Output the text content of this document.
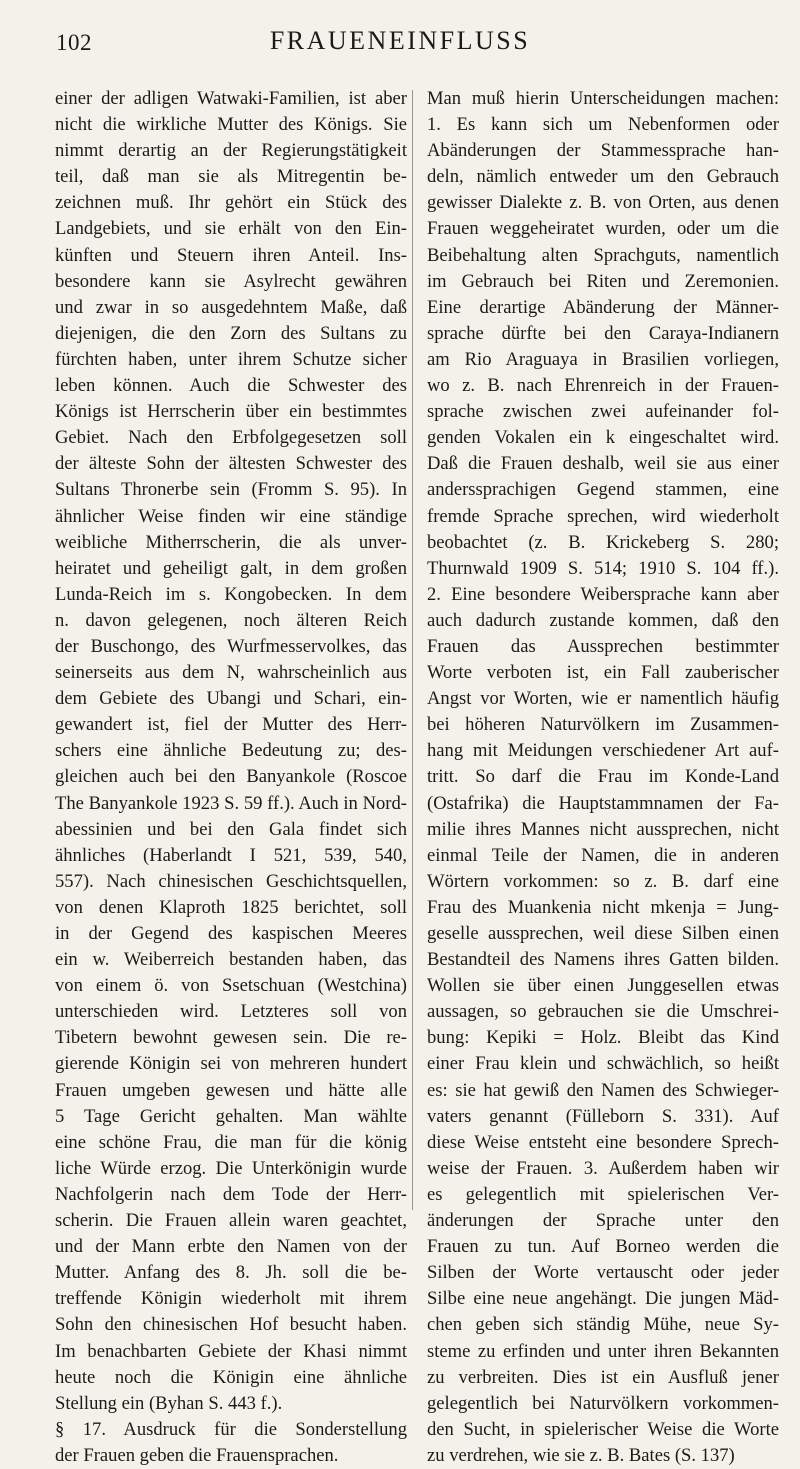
102	FRAUENEINFLUSS
einer der adligen Watwaki-Familien, ist aber
nicht die wirkliche Mutter des Königs. Sie
nimmt derartig an der Regierungstätigkeit
teil, daß man sie als Mitregentin be-
zeichnen muß. Ihr gehört ein Stück des
Landgebiets, und sie erhält von den Ein-
künften und Steuern ihren Anteil. Ins-
besondere kann sie Asylrecht gewähren
und zwar in so ausgedehntem Maße, daß
diejenigen, die den Zorn des Sultans zu
fürchten haben, unter ihrem Schutze sicher
leben können. Auch die Schwester des
Königs ist Herrscherin über ein bestimmtes
Gebiet. Nach den Erbfolgegesetzen soll
der älteste Sohn der ältesten Schwester des
Sultans Thronerbe sein (Fromm S. 95). In
ähnlicher Weise finden wir eine ständige
weibliche Mitherrscherin, die als unver-
heiratet und geheiligt galt, in dem großen
Lunda-Reich im s. Kongobecken. In dem
n. davon gelegenen, noch älteren Reich
der Buschongo, des Wurfmesservolkes, das
seinerseits aus dem N, wahrscheinlich aus
dem Gebiete des Ubangi und Schari, ein-
gewandert ist, fiel der Mutter des Herr-
schers eine ähnliche Bedeutung zu; des-
gleichen auch bei den Banyankole (Roscoe
The Banyankole 1923 S. 59 ff.). Auch in Nord-
abessinien und bei den Gala findet sich
ähnliches (Haberlandt I 521, 539, 540,
557). Nach chinesischen Geschichtsquellen,
von denen Klaproth 1825 berichtet, soll
in der Gegend des kaspischen Meeres
ein w. Weiberreich bestanden haben, das
von einem ö. von Ssetschuan (Westchina)
unterschieden wird. Letzteres soll von
Tibetern bewohnt gewesen sein. Die re-
gierende Königin sei von mehreren hundert
Frauen umgeben gewesen und hätte alle
5 Tage Gericht gehalten. Man wählte
eine schöne Frau, die man für die könig
liche Würde erzog. Die Unterkönigin wurde
Nachfolgerin nach dem Tode der Herr-
scherin. Die Frauen allein waren geachtet,
und der Mann erbte den Namen von der
Mutter. Anfang des 8. Jh. soll die be-
treffende Königin wiederholt mit ihrem
Sohn den chinesischen Hof besucht haben.
Im benachbarten Gebiete der Khasi nimmt
heute noch die Königin eine ähnliche
Stellung ein (Byhan S. 443 f.).
§ 17. Ausdruck für die Sonderstellung
der Frauen geben die Frauensprachen.
Man muß hierin Unterscheidungen machen:
1. Es kann sich um Nebenformen oder
Abänderungen der Stammessprache han-
deln, nämlich entweder um den Gebrauch
gewisser Dialekte z. B. von Orten, aus denen
Frauen weggeheiratet wurden, oder um die
Beibehaltung alten Sprachguts, namentlich
im Gebrauch bei Riten und Zeremonien.
Eine derartige Abänderung der Männer-
sprache dürfte bei den Caraya-Indianern
am Rio Araguaya in Brasilien vorliegen,
wo z. B. nach Ehrenreich in der Frauen-
sprache zwischen zwei aufeinander fol-
genden Vokalen ein k eingeschaltet wird.
Daß die Frauen deshalb, weil sie aus einer
anderssprachigen Gegend stammen, eine
fremde Sprache sprechen, wird wiederholt
beobachtet (z. B. Krickeberg S. 280;
Thurnwald 1909 S. 514; 1910 S. 104 ff.).
2. Eine besondere Weibersprache kann aber
auch dadurch zustande kommen, daß den
Frauen das Aussprechen bestimmter
Worte verboten ist, ein Fall zauberischer
Angst vor Worten, wie er namentlich häufig
bei höheren Naturvölkern im Zusammen-
hang mit Meidungen verschiedener Art auf-
tritt. So darf die Frau im Konde-Land
(Ostafrika) die Hauptstammnamen der Fa-
milie ihres Mannes nicht aussprechen, nicht
einmal Teile der Namen, die in anderen
Wörtern vorkommen: so z. B. darf eine
Frau des Muankenia nicht mkenja = Jung-
geselle aussprechen, weil diese Silben einen
Bestandteil des Namens ihres Gatten bilden.
Wollen sie über einen Junggesellen etwas
aussagen, so gebrauchen sie die Umschrei-
bung: Kepiki = Holz. Bleibt das Kind
einer Frau klein und schwächlich, so heißt
es: sie hat gewiß den Namen des Schwieger-
vaters genannt (Fülleborn S. 331). Auf
diese Weise entsteht eine besondere Sprech-
weise der Frauen. 3. Außerdem haben wir
es gelegentlich mit spielerischen Ver-
änderungen der Sprache unter den
Frauen zu tun. Auf Borneo werden die
Silben der Worte vertauscht oder jeder
Silbe eine neue angehängt. Die jungen Mäd-
chen geben sich ständig Mühe, neue Sy-
steme zu erfinden und unter ihren Bekannten
zu verbreiten. Dies ist ein Ausfluß jener
gelegentlich bei Naturvölkern vorkommen-
den Sucht, in spielerischer Weise die Worte
zu verdrehen, wie sie z. B. Bates (S. 137)
